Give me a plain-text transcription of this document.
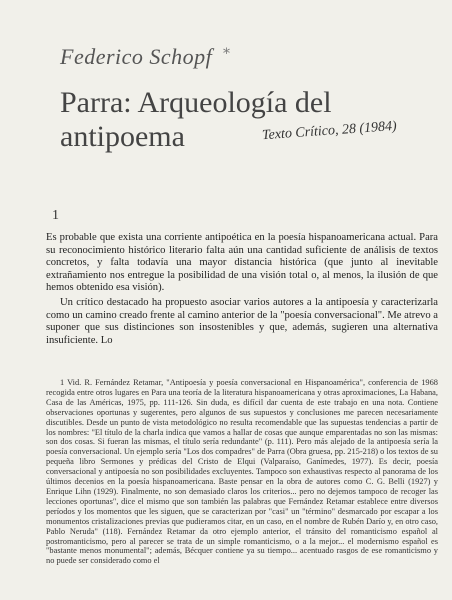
Federico Schopf *
Parra: Arqueología del antipoema	Texto Crítico, 28 (1984)
1

Es probable que exista una corriente antipoética en la poesía hispanoamericana actual. Para su reconocimiento histórico literario falta aún una cantidad suficiente de análisis de textos concretos, y falta todavía una mayor distancia histórica (que junto al inevitable extrañamiento nos entregue la posibilidad de una visión total o, al menos, la ilusión de que hemos obtenido esa visión).

Un crítico destacado ha propuesto asociar varios autores a la antipoesía y caracterizarla como un camino creado frente al camino anterior de la "poesía conversacional". Me atrevo a suponer que sus distinciones son insostenibles y que, además, sugieren una alternativa insuficiente. Lo

1 Vid. R. Fernández Retamar, "Antipoesía y poesía conversacional en Hispanoamérica", conferencia de 1968 recogida entre otros lugares en Para una teoría de la literatura hispanoamericana y otras aproximaciones, La Habana, Casa de las Américas, 1975, pp. 111-126. Sin duda, es difícil dar cuenta de este trabajo en una nota. Contiene observaciones oportunas y sugerentes, pero algunos de sus supuestos y conclusiones me parecen necesariamente discutibles. Desde un punto de vista metodológico no resulta recomendable que las supuestas tendencias a partir de los nombres: "El título de la charla indica que vamos a hallar de cosas que aunque emparentadas no son las mismas: son dos cosas. Si fueran las mismas, el título sería redundante" (p. 111). Pero más alejado de la antipoesía sería la poesía conversacional. Un ejemplo sería "Los dos compadres" de Parra (Obra gruesa, pp. 215-218) o los textos de su pequeña libro Sermones y prédicas del Cristo de Elqui (Valparaíso, Ganímedes, 1977). Es decir, poesía conversacional y antipoesía no son posibilidades excluyentes. Tampoco son exhaustivas respecto al panorama de los últimos decenios en la poesía hispanoamericana. Baste pensar en la obra de autores como C. G. Belli (1927) y Enrique Lihn (1929). Finalmente, no son demasiado claros los criterios... pero no dejemos tampoco de recoger las lecciones oportunas", dice el mismo que son también las palabras que Fernández Retamar establece entre diversos períodos y los momentos que les siguen, que se caracterizan por "casi" un "término" desmarcado por escapar a los monumentos cristalizaciones previas que pudieramos citar, en un caso, en el nombre de Rubén Darío y, en otro caso, Pablo Neruda" (118). Fernández Retamar da otro ejemplo anterior, el tránsito del romanticismo español al postromanticismo, pero al parecer se trata de un simple romanticismo, o a la mejor... el modernismo español es "bastante menos monumental"; además, Bécquer contiene ya su tiempo... acentuado rasgos de ese romanticismo y no puede ser considerado como el
